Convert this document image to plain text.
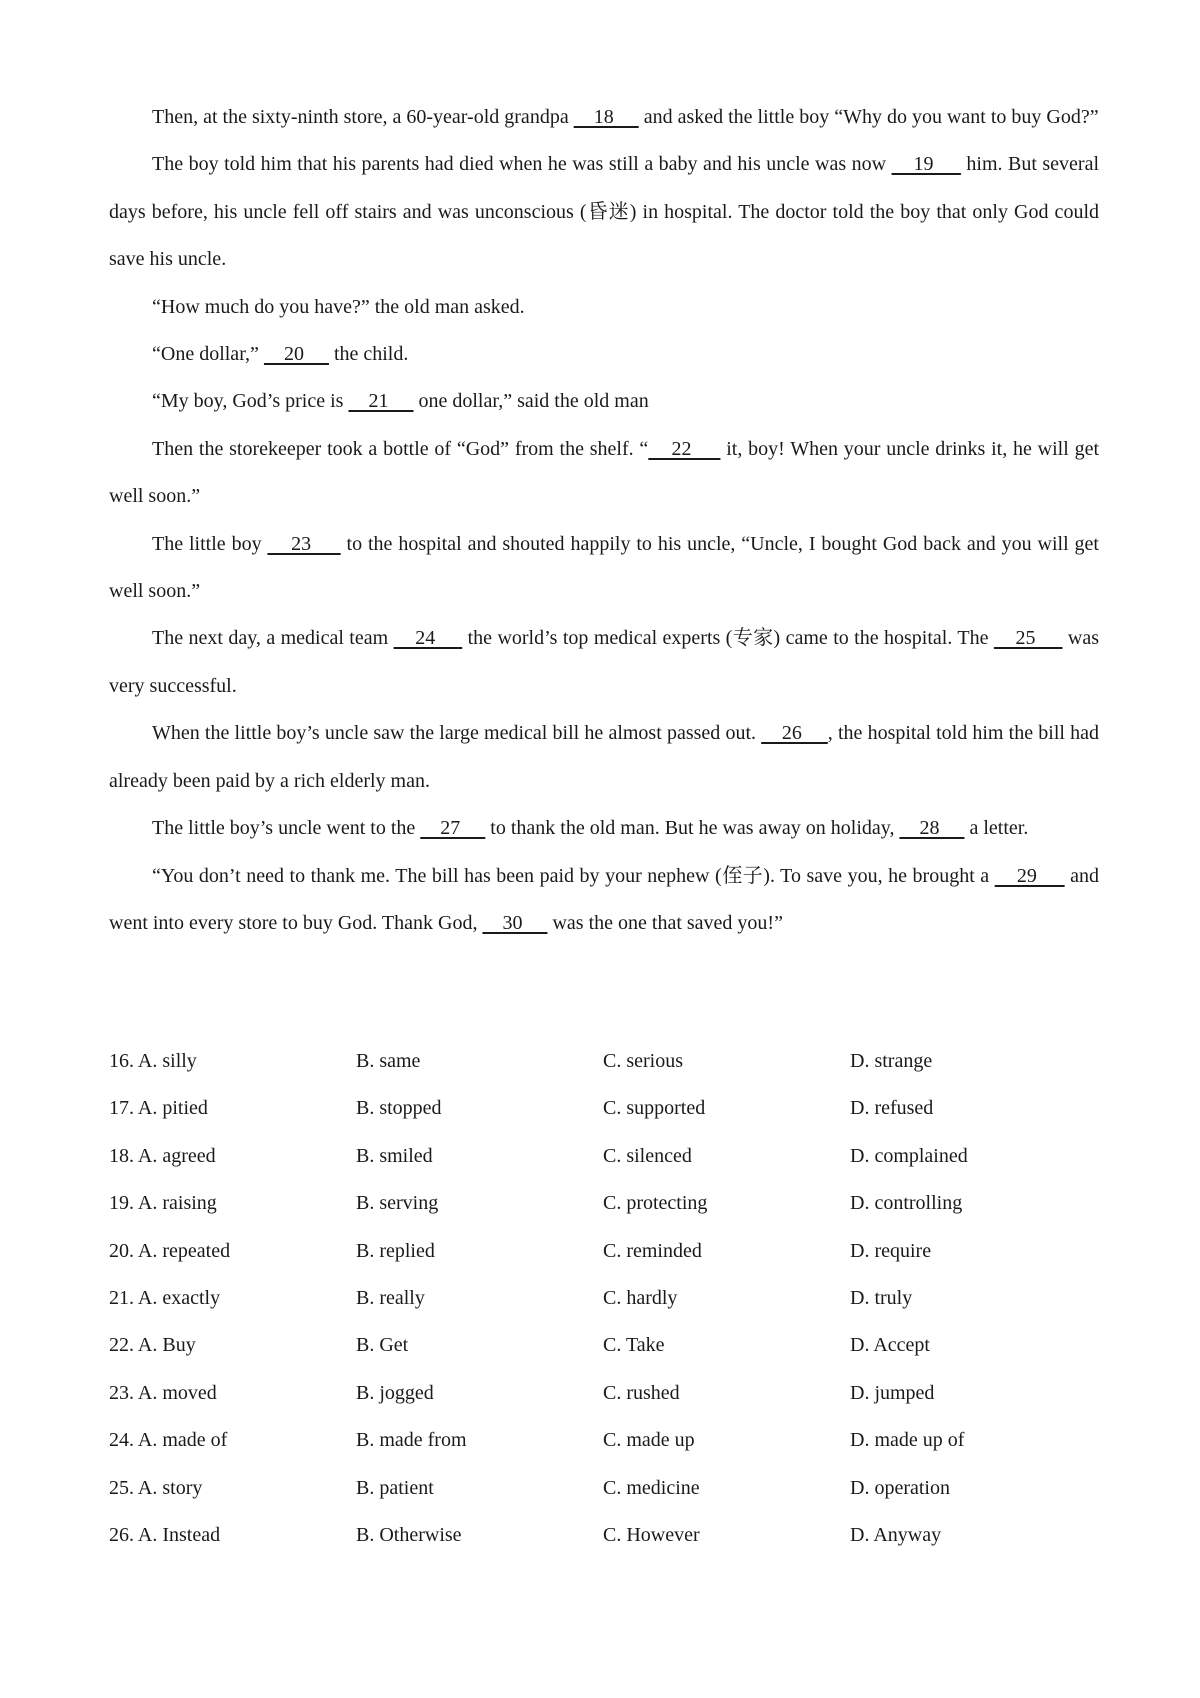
Then, at the sixty-ninth store, a 60-year-old grandpa     18      and asked the little boy “Why do you want to buy God?”

The boy told him that his parents had died when he was still a baby and his uncle was now     19      him. But several days before, his uncle fell off stairs and was unconscious (昏迷) in hospital. The doctor told the boy that only God could save his uncle.

“How much do you have?” the old man asked.

“One dollar,”     20      the child.

“My boy, God’s price is     21      one dollar,” said the old man

Then the storekeeper took a bottle of “God” from the shelf. “    22      it, boy! When your uncle drinks it, he will get well soon.”

The little boy     23      to the hospital and shouted happily to his uncle, “Uncle, I bought God back and you will get well soon.”

The next day, a medical team     24      the world’s top medical experts (专家) came to the hospital. The     25      was very successful.

When the little boy’s uncle saw the large medical bill he almost passed out.     26     , the hospital told him the bill had already been paid by a rich elderly man.

The little boy’s uncle went to the     27      to thank the old man. But he was away on holiday,     28      a letter.

“You don’t need to thank me. The bill has been paid by your nephew (侄子). To save you, he brought a     29      and went into every store to buy God. Thank God,     30      was the one that saved you!”

16. A. silly	B. same	C. serious	D. strange
17. A. pitied	B. stopped	C. supported	D. refused
18. A. agreed	B. smiled	C. silenced	D. complained
19. A. raising	B. serving	C. protecting	D. controlling
20. A. repeated	B. replied	C. reminded	D. require
21. A. exactly	B. really	C. hardly	D. truly
22. A. Buy	B. Get	C. Take	D. Accept
23. A. moved	B. jogged	C. rushed	D. jumped
24. A. made of	B. made from	C. made up	D. made up of
25. A. story	B. patient	C. medicine	D. operation
26. A. Instead	B. Otherwise	C. However	D. Anyway
